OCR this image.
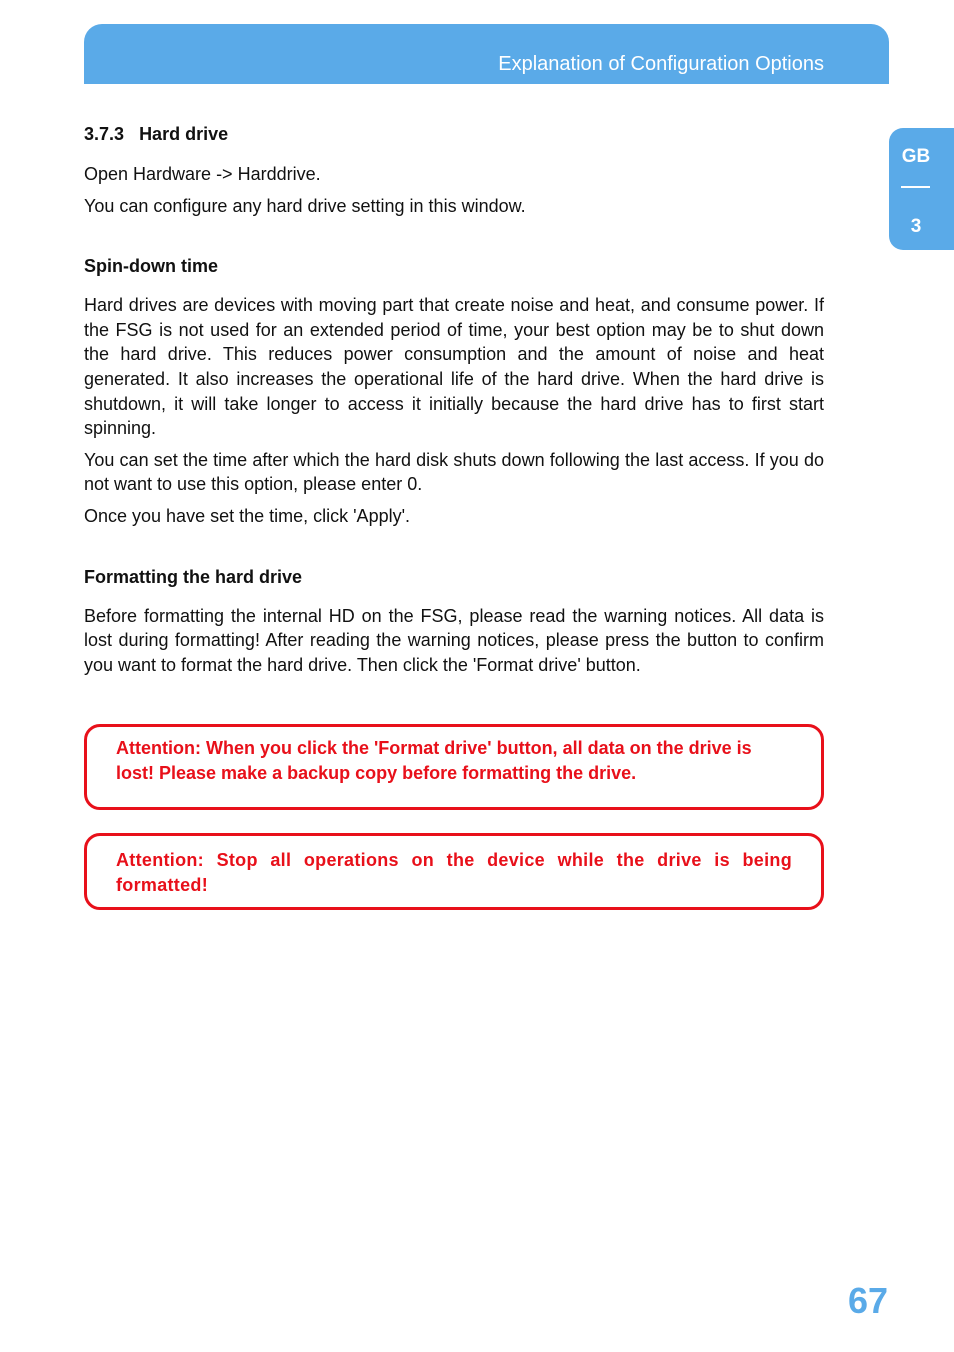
Explanation of Configuration Options
GB
3
3.7.3 Hard drive

Open Hardware -> Harddrive.

You can configure any hard drive setting in this window.

Spin-down time

Hard drives are devices with moving part that create noise and heat, and consume power. If the FSG is not used for an extended period of time, your best option may be to shut down the hard drive. This reduces power consumption and the amount of noise and heat generated. It also increases the operational life of the hard drive. When the hard drive is shutdown, it will take longer to access it initially because the hard drive has to first start spinning.

You can set the time after which the hard disk shuts down following the last access. If you do not want to use this option, please enter 0.

Once you have set the time, click 'Apply'.

Formatting the hard drive

Before formatting the internal HD on the FSG, please read the warning notices. All data is lost during formatting! After reading the warning notices, please press the button to confirm you want to format the hard drive. Then click the 'Format drive' button.

Attention: When you click the 'Format drive' button, all data on the drive is lost! Please make a backup copy before formatting the drive.

Attention: Stop all operations on the device while the drive is being formatted!

67
